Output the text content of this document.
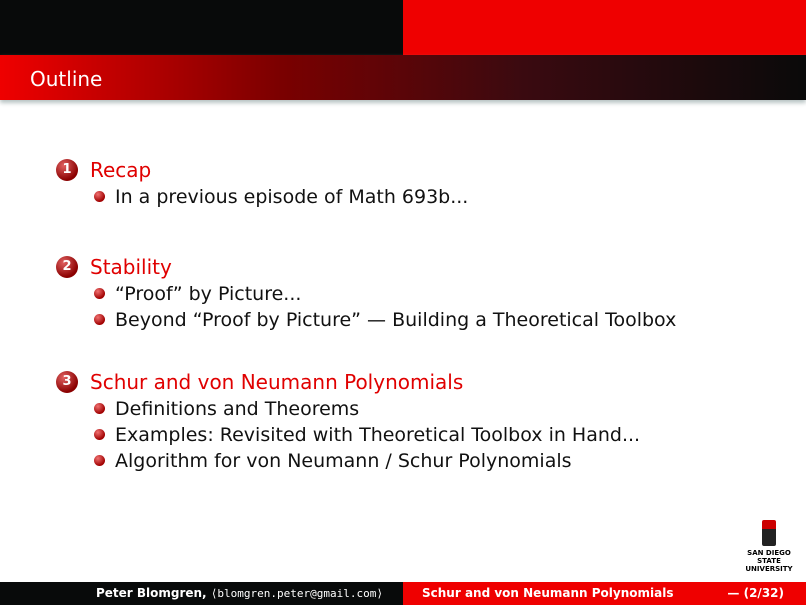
Outline
1 Recap
In a previous episode of Math 693b...
2 Stability
“Proof” by Picture...
Beyond “Proof by Picture” — Building a Theoretical Toolbox
3 Schur and von Neumann Polynomials
Definitions and Theorems
Examples: Revisited with Theoretical Toolbox in Hand...
Algorithm for von Neumann / Schur Polynomials
SAN DIEGO STATE
UNIVERSITY
Peter Blomgren, ⟨blomgren.peter@gmail.com⟩	Schur and von Neumann Polynomials	— (2/32)
